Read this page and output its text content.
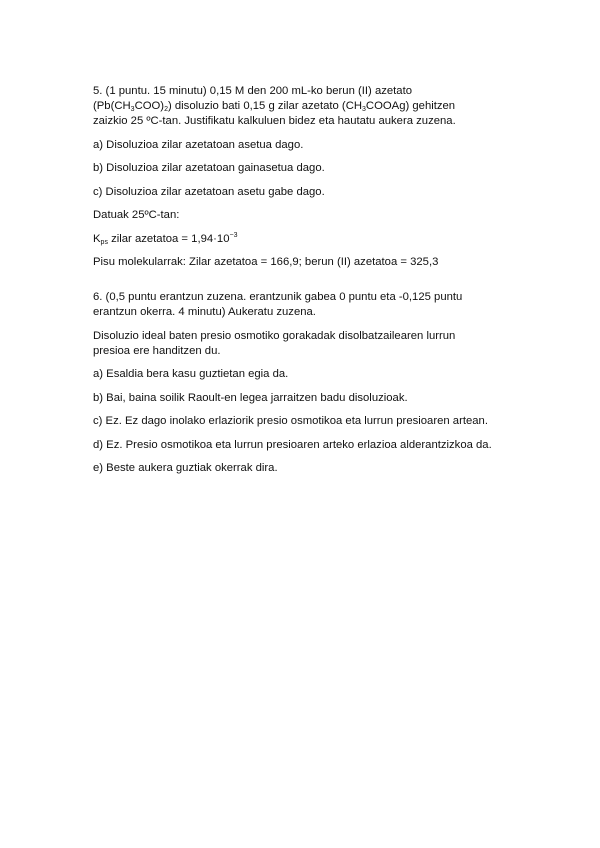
5. (1 puntu. 15 minutu) 0,15 M den 200 mL-ko berun (II) azetato
$(Pb(CH_3COO)_2)$ disoluzio bati 0,15 g zilar azetato $(CH_3COOAg)$ gehitzen
zaizkio 25 ºC-tan. Justifikatu kalkuluen bidez eta hautatu aukera zuzena.

a) Disoluzioa zilar azetatoan asetua dago.

b) Disoluzioa zilar azetatoan gainasetua dago.

c) Disoluzioa zilar azetatoan asetu gabe dago.

Datuak 25ºC-tan:

$K_{ps}$ zilar azetatoa = $1,94\cdot 10^{-3}$

Pisu molekularrak: Zilar azetatoa = 166,9; berun (II) azetatoa = 325,3

6. (0,5 puntu erantzun zuzena. erantzunik gabea 0 puntu eta -0,125 puntu
erantzun okerra. 4 minutu) Aukeratu zuzena.

Disoluzio ideal baten presio osmotiko gorakadak disolbatzailearen lurrun
presioa ere handitzen du.

a) Esaldia bera kasu guztietan egia da.

b) Bai, baina soilik Raoult-en legea jarraitzen badu disoluzioak.

c) Ez. Ez dago inolako erlaziorik presio osmotikoa eta lurrun presioaren artean.

d) Ez. Presio osmotikoa eta lurrun presioaren arteko erlazioa alderantzizkoa da.

e) Beste aukera guztiak okerrak dira.
